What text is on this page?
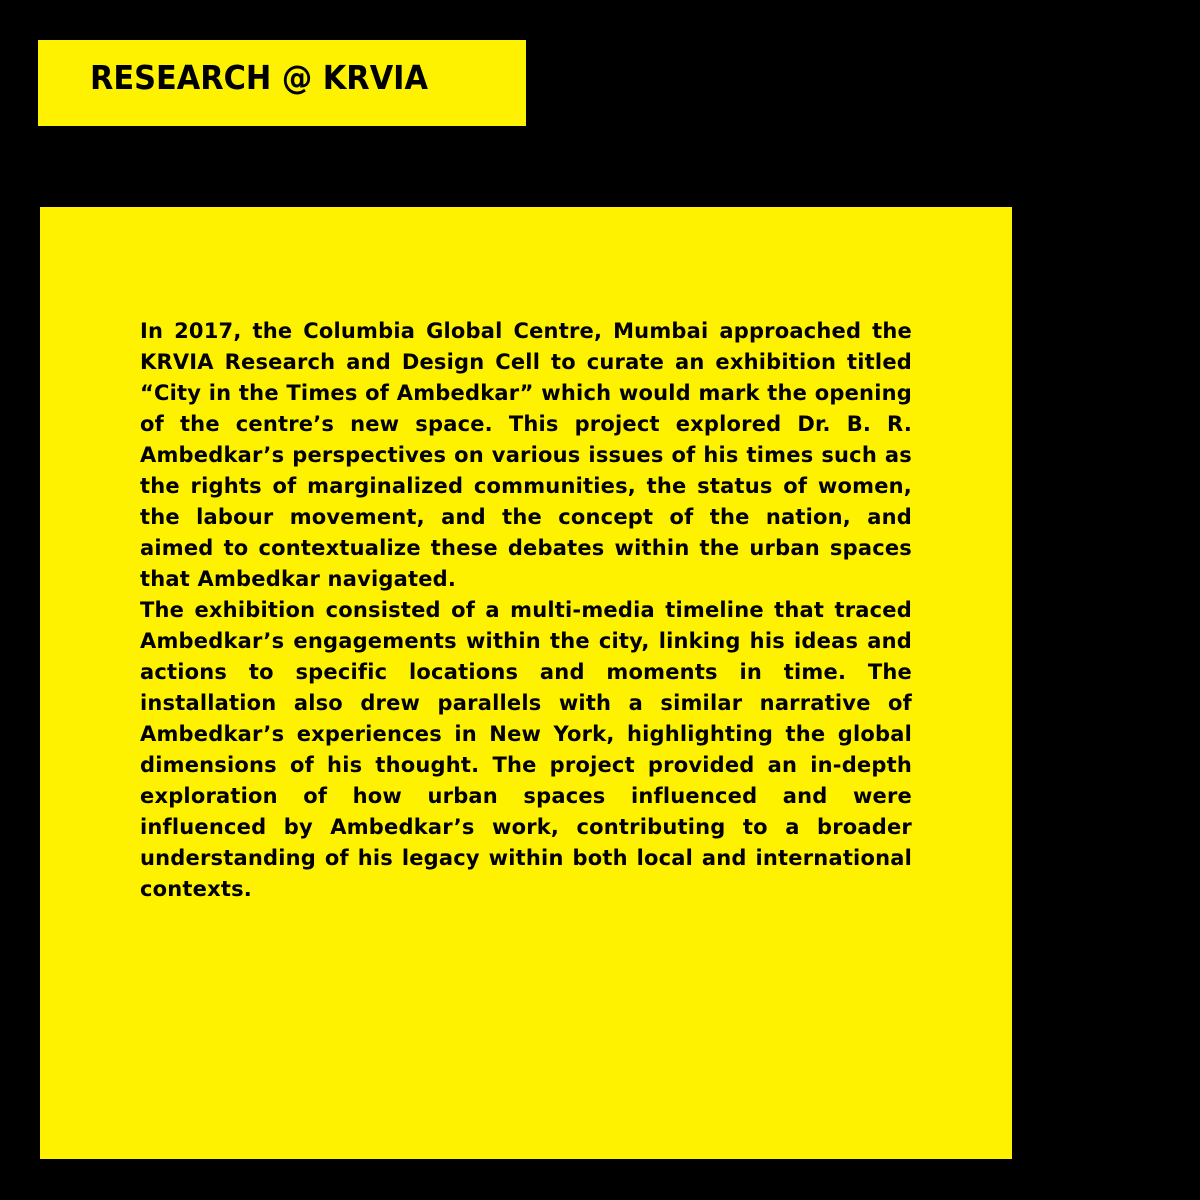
RESEARCH @ KRVIA

In 2017, the Columbia Global Centre, Mumbai approached the KRVIA Research and Design Cell to curate an exhibition titled “City in the Times of Ambedkar” which would mark the opening of the centre’s new space. This project explored Dr. B. R. Ambedkar’s perspectives on various issues of his times such as the rights of marginalized communities, the status of women, the labour movement, and the concept of the nation, and aimed to contextualize these debates within the urban spaces that Ambedkar navigated.

The exhibition consisted of a multi-media timeline that traced Ambedkar’s engagements within the city, linking his ideas and actions to specific locations and moments in time. The installation also drew parallels with a similar narrative of Ambedkar’s experiences in New York, highlighting the global dimensions of his thought. The project provided an in-depth exploration of how urban spaces influenced and were influenced by Ambedkar’s work, contributing to a broader understanding of his legacy within both local and international contexts.
